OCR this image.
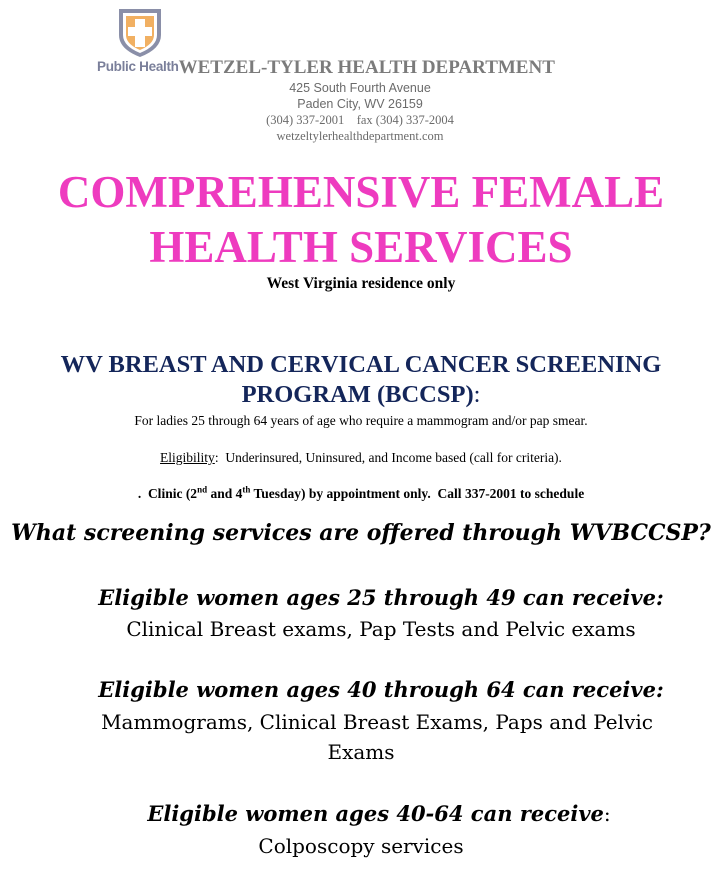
Public HealthWETZEL-TYLER HEALTH DEPARTMENT
425 South Fourth Avenue
Paden City, WV 26159
(304) 337-2001    fax (304) 337-2004
wetzeltylerhealthdepartment.com
COMPREHENSIVE FEMALE
HEALTH SERVICES
West Virginia residence only
WV BREAST AND CERVICAL CANCER SCREENING
PROGRAM (BCCSP):
For ladies 25 through 64 years of age who require a mammogram and/or pap smear.
Eligibility:  Underinsured, Uninsured, and Income based (call for criteria).
.  Clinic (2nd and 4th Tuesday) by appointment only.  Call 337-2001 to schedule
What screening services are offered through WVBCCSP?
Eligible women ages 25 through 49 can receive:
Clinical Breast exams, Pap Tests and Pelvic exams
Eligible women ages 40 through 64 can receive:
Mammograms, Clinical Breast Exams, Paps and Pelvic
Exams
Eligible women ages 40-64 can receive:
Colposcopy services
